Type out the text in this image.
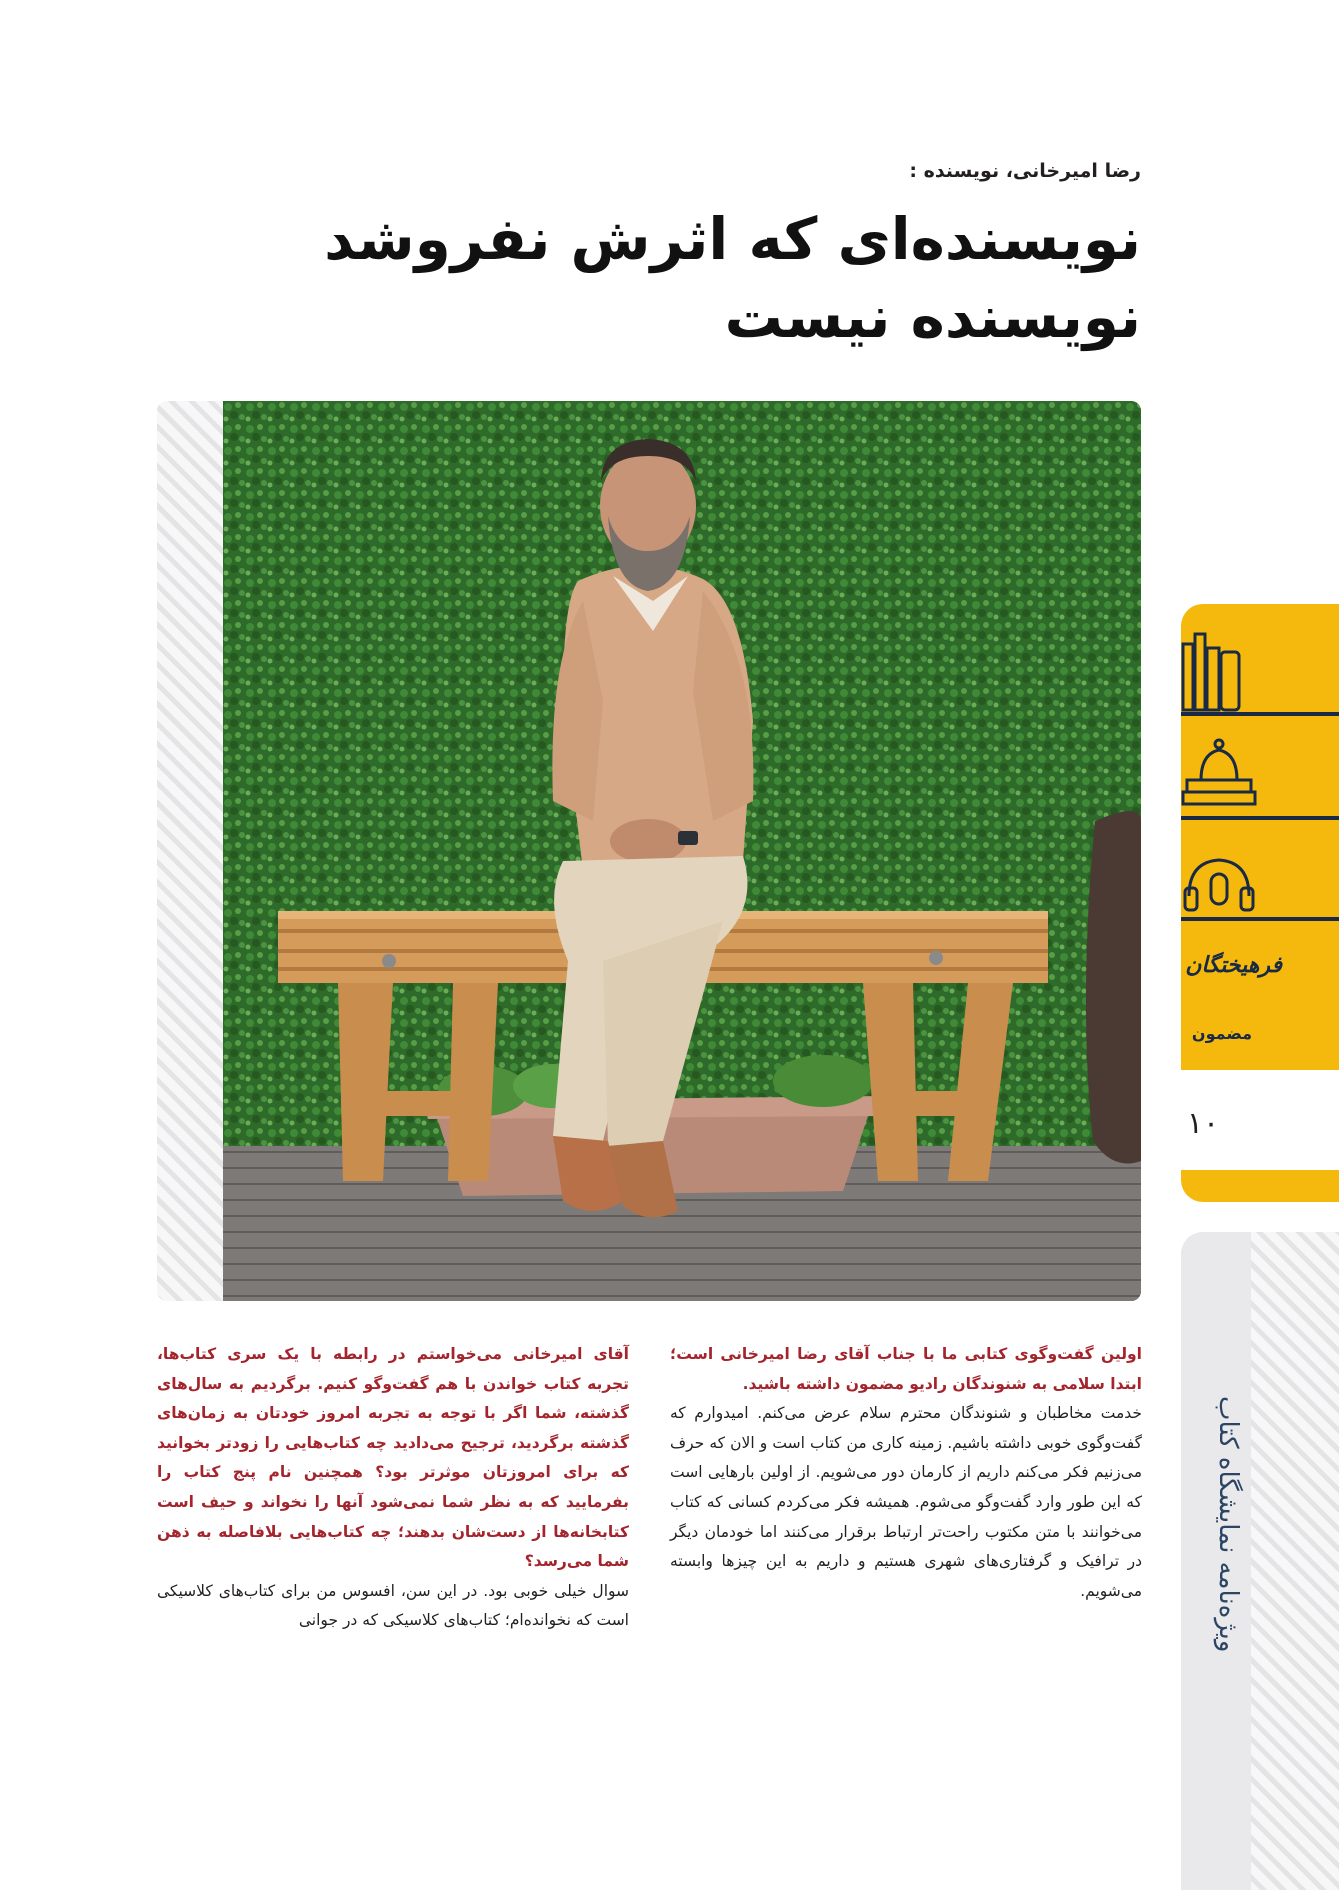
رضا امیرخانی، نویسنده :
نویسنده‌ای که اثرش نفروشد
نویسنده نیست
فرهیختگان
مضمون
۱۰
ویژه‌نامه نمایشگاه کتاب

اولین گفت‌وگوی کتابی ما با جناب آقای رضا امیرخانی است؛ ابتدا سلامی به شنوندگان رادیو مضمون داشته باشید.

خدمت مخاطبان و شنوندگان محترم سلام عرض می‌کنم. امیدوارم که گفت‌وگوی خوبی داشته باشیم. زمینه کاری من کتاب است و الان که حرف می‌زنیم فکر می‌کنم داریم از کارمان دور می‌شویم. از اولین بارهایی است که این طور وارد گفت‌وگو می‌شوم. همیشه فکر می‌کردم کسانی که کتاب می‌خوانند با متن مکتوب راحت‌تر ارتباط برقرار می‌کنند اما خودمان دیگر در ترافیک و گرفتاری‌های شهری هستیم و داریم به این چیزها وابسته می‌شویم.

آقای امیرخانی می‌خواستم در رابطه با یک سری کتاب‌ها، تجربه کتاب خواندن با هم گفت‌وگو کنیم. برگردیم به سال‌های گذشته، شما اگر با توجه به تجربه امروز خودتان به زمان‌های گذشته برگردید، ترجیح می‌دادید چه کتاب‌هایی را زودتر بخوانید که برای امروزتان موثرتر بود؟ همچنین نام پنج کتاب را بفرمایید که به نظر شما نمی‌شود آنها را نخواند و حیف است کتابخانه‌ها از دست‌شان بدهند؛ چه کتاب‌هایی بلافاصله به ذهن شما می‌رسد؟

سوال خیلی خوبی بود. در این سن، افسوس من برای کتاب‌های کلاسیکی است که نخوانده‌ام؛ کتاب‌های کلاسیکی که در جوانی
